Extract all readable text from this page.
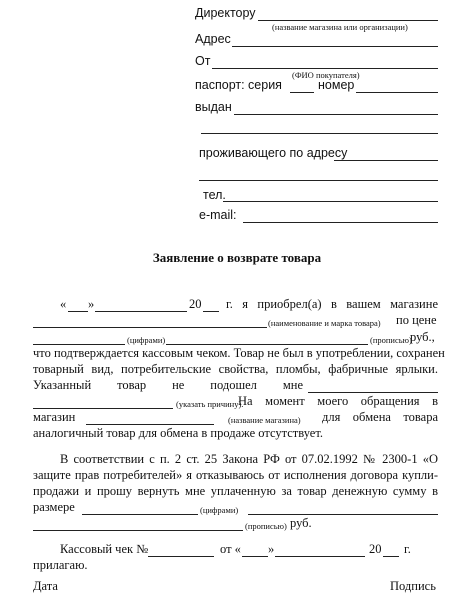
Директору
(название магазина или организации)
Адрес
От
(ФИО покупателя)
паспорт: серия	номер
выдан
проживающего по адресу
тел.
e-mail:
Заявление о возврате товара
« »	20 г. я приобрел(а) в вашем магазине
(наименование и марка товара) по цене
(цифрами)	(прописью)
руб.,
что подтверждается кассовым чеком. Товар не был в употреблении, сохранен
товарный вид, потребительские свойства, пломбы, фабричные ярлыки.
Указанный товар не подошел мне
(указать причину).
На момент моего обращения в
магазин	(название магазина) для обмена товара
аналогичный товар для обмена в продаже отсутствует.
В соответствии с п. 2 ст. 25 Закона РФ от 07.02.1992 № 2300-1 «О
защите прав потребителей» я отказываюсь от исполнения договора купли-
продажи и прошу вернуть мне уплаченную за товар денежную сумму в
размере	(цифрами)
(прописью) руб.
Кассовый чек №	от « »	20 г.
прилагаю.
Дата	Подпись
